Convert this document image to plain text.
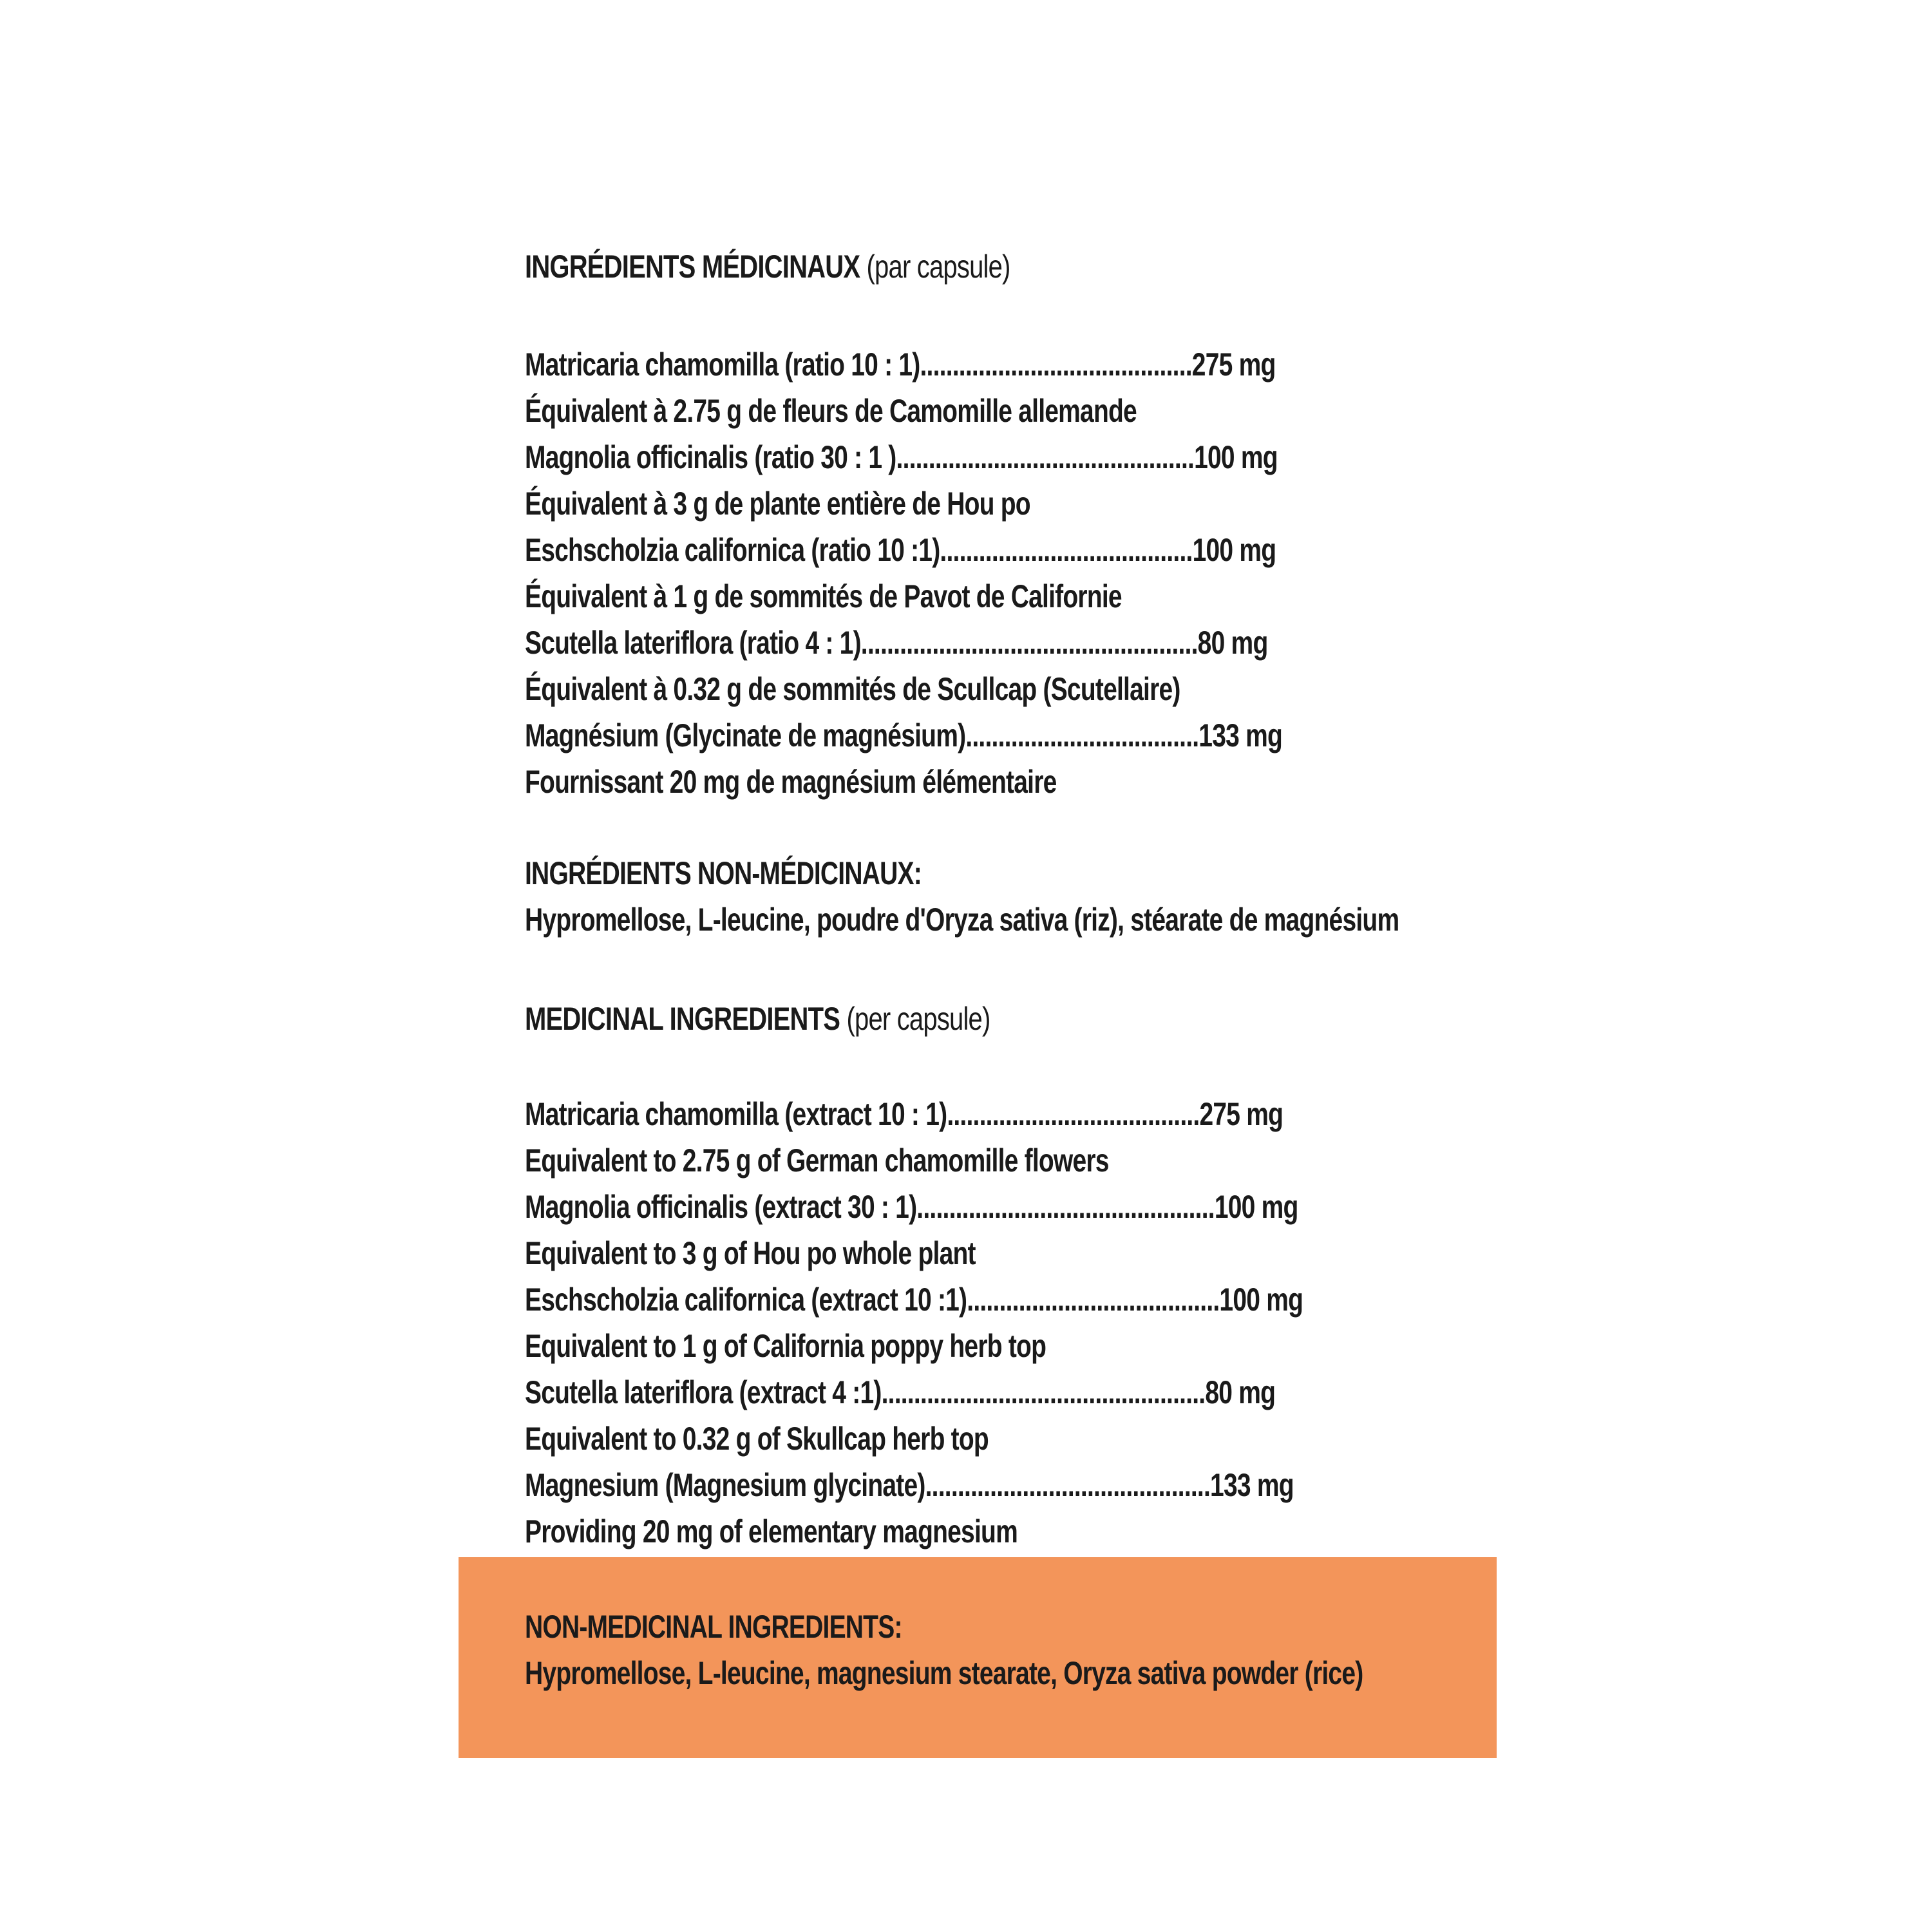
INGRÉDIENTS MÉDICINAUX (par capsule)
Matricaria chamomilla (ratio 10 : 1)..........................................275 mg
Équivalent à 2.75 g de fleurs de Camomille allemande
Magnolia officinalis (ratio 30 : 1 )..............................................100 mg
Équivalent à 3 g de plante entière de Hou po
Eschscholzia californica (ratio 10 :1).......................................100 mg
Équivalent à 1 g de sommités de Pavot de Californie
Scutella lateriflora (ratio 4 : 1)....................................................80 mg
Équivalent à 0.32 g de sommités de Scullcap (Scutellaire)
Magnésium (Glycinate de magnésium)....................................133 mg
Fournissant 20 mg de magnésium élémentaire
INGRÉDIENTS NON-MÉDICINAUX:
Hypromellose, L-leucine, poudre d'Oryza sativa (riz), stéarate de magnésium
MEDICINAL INGREDIENTS (per capsule)
Matricaria chamomilla (extract 10 : 1).......................................275 mg
Equivalent to 2.75 g of German chamomille flowers
Magnolia officinalis (extract 30 : 1)..............................................100 mg
Equivalent to 3 g of Hou po whole plant
Eschscholzia californica (extract 10 :1).......................................100 mg
Equivalent to 1 g of California poppy herb top
Scutella lateriflora (extract 4 :1)..................................................80 mg
Equivalent to 0.32 g of Skullcap herb top
Magnesium (Magnesium glycinate)............................................133 mg
Providing 20 mg of elementary magnesium
NON-MEDICINAL INGREDIENTS:
Hypromellose, L-leucine, magnesium stearate, Oryza sativa powder (rice)
